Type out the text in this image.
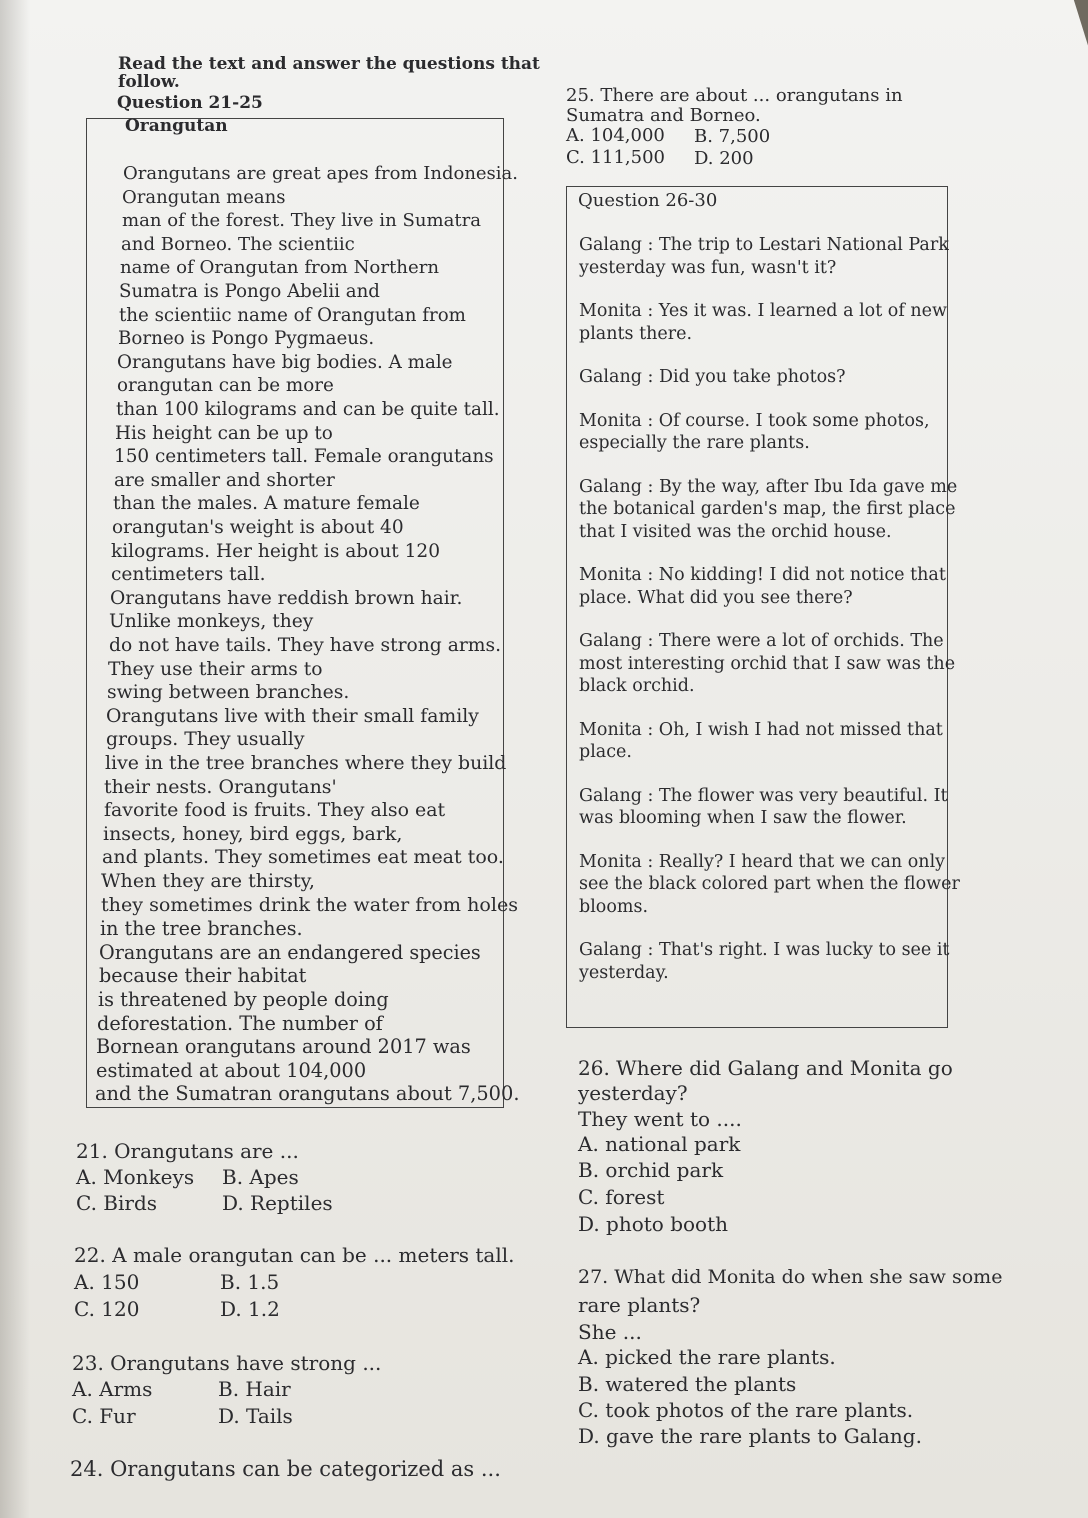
Read the text and answer the questions that
follow.
Question 21-25
Orangutan
Orangutans are great apes from Indonesia.
Orangutan means
man of the forest. They live in Sumatra
and Borneo. The scientiic
name of Orangutan from Northern
Sumatra is Pongo Abelii and
the scientiic name of Orangutan from
Borneo is Pongo Pygmaeus.
Orangutans have big bodies. A male
orangutan can be more
than 100 kilograms and can be quite tall.
His height can be up to
150 centimeters tall. Female orangutans
are smaller and shorter
than the males. A mature female
orangutan's weight is about 40
kilograms. Her height is about 120
centimeters tall.
Orangutans have reddish brown hair.
Unlike monkeys, they
do not have tails. They have strong arms.
They use their arms to
swing between branches.
Orangutans live with their small family
groups. They usually
live in the tree branches where they build
their nests. Orangutans'
favorite food is fruits. They also eat
insects, honey, bird eggs, bark,
and plants. They sometimes eat meat too.
When they are thirsty,
they sometimes drink the water from holes
in the tree branches.
Orangutans are an endangered species
because their habitat
is threatened by people doing
deforestation. The number of
Bornean orangutans around 2017 was
estimated at about 104,000
and the Sumatran orangutans about 7,500.
25. There are about ... orangutans in
Sumatra and Borneo.
A. 104,000 B. 7,500
C. 111,500 D. 200
Question 26-30

Galang : The trip to Lestari National Park yesterday was fun, wasn't it?

Monita : Yes it was. I learned a lot of new plants there.

Galang : Did you take photos?

Monita : Of course. I took some photos, especially the rare plants.

Galang : By the way, after Ibu Ida gave me the botanical garden's map, the first place that I visited was the orchid house.

Monita : No kidding! I did not notice that place. What did you see there?

Galang : There were a lot of orchids. The most interesting orchid that I saw was the black orchid.

Monita : Oh, I wish I had not missed that place.

Galang : The flower was very beautiful. It was blooming when I saw the flower.

Monita : Really? I heard that we can only see the black colored part when the flower blooms.

Galang : That's right. I was lucky to see it yesterday.

21. Orangutans are ...
A. Monkeys B. Apes
C. Birds	D. Reptiles
22. A male orangutan can be ... meters tall.
A. 150	B. 1.5
C. 120	D. 1.2
23. Orangutans have strong ...
A. Arms	B. Hair
C. Fur	D. Tails
24. Orangutans can be categorized as ...
26. Where did Galang and Monita go
yesterday?
They went to ....
A. national park
B. orchid park
C. forest
D. photo booth
27. What did Monita do when she saw some
rare plants?
She ...
A. picked the rare plants.
B. watered the plants
C. took photos of the rare plants.
D. gave the rare plants to Galang.
